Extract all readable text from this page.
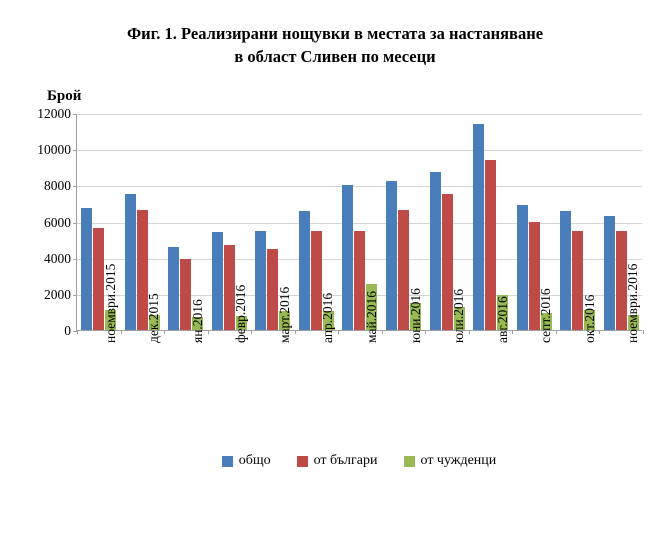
Фиг. 1. Реализирани нощувки в местата за настаняване
в област Сливен по месеци
Брой
0
2000
4000
6000
8000
10000
12000
ноември.2015 дек.2015 ян.2016 февр.2016 март.2016 апр.2016 май.2016 юни.2016 юли.2016 авг.2016 септ.2016 окт.2016 ноември.2016
общо	от българи	от чужденци
